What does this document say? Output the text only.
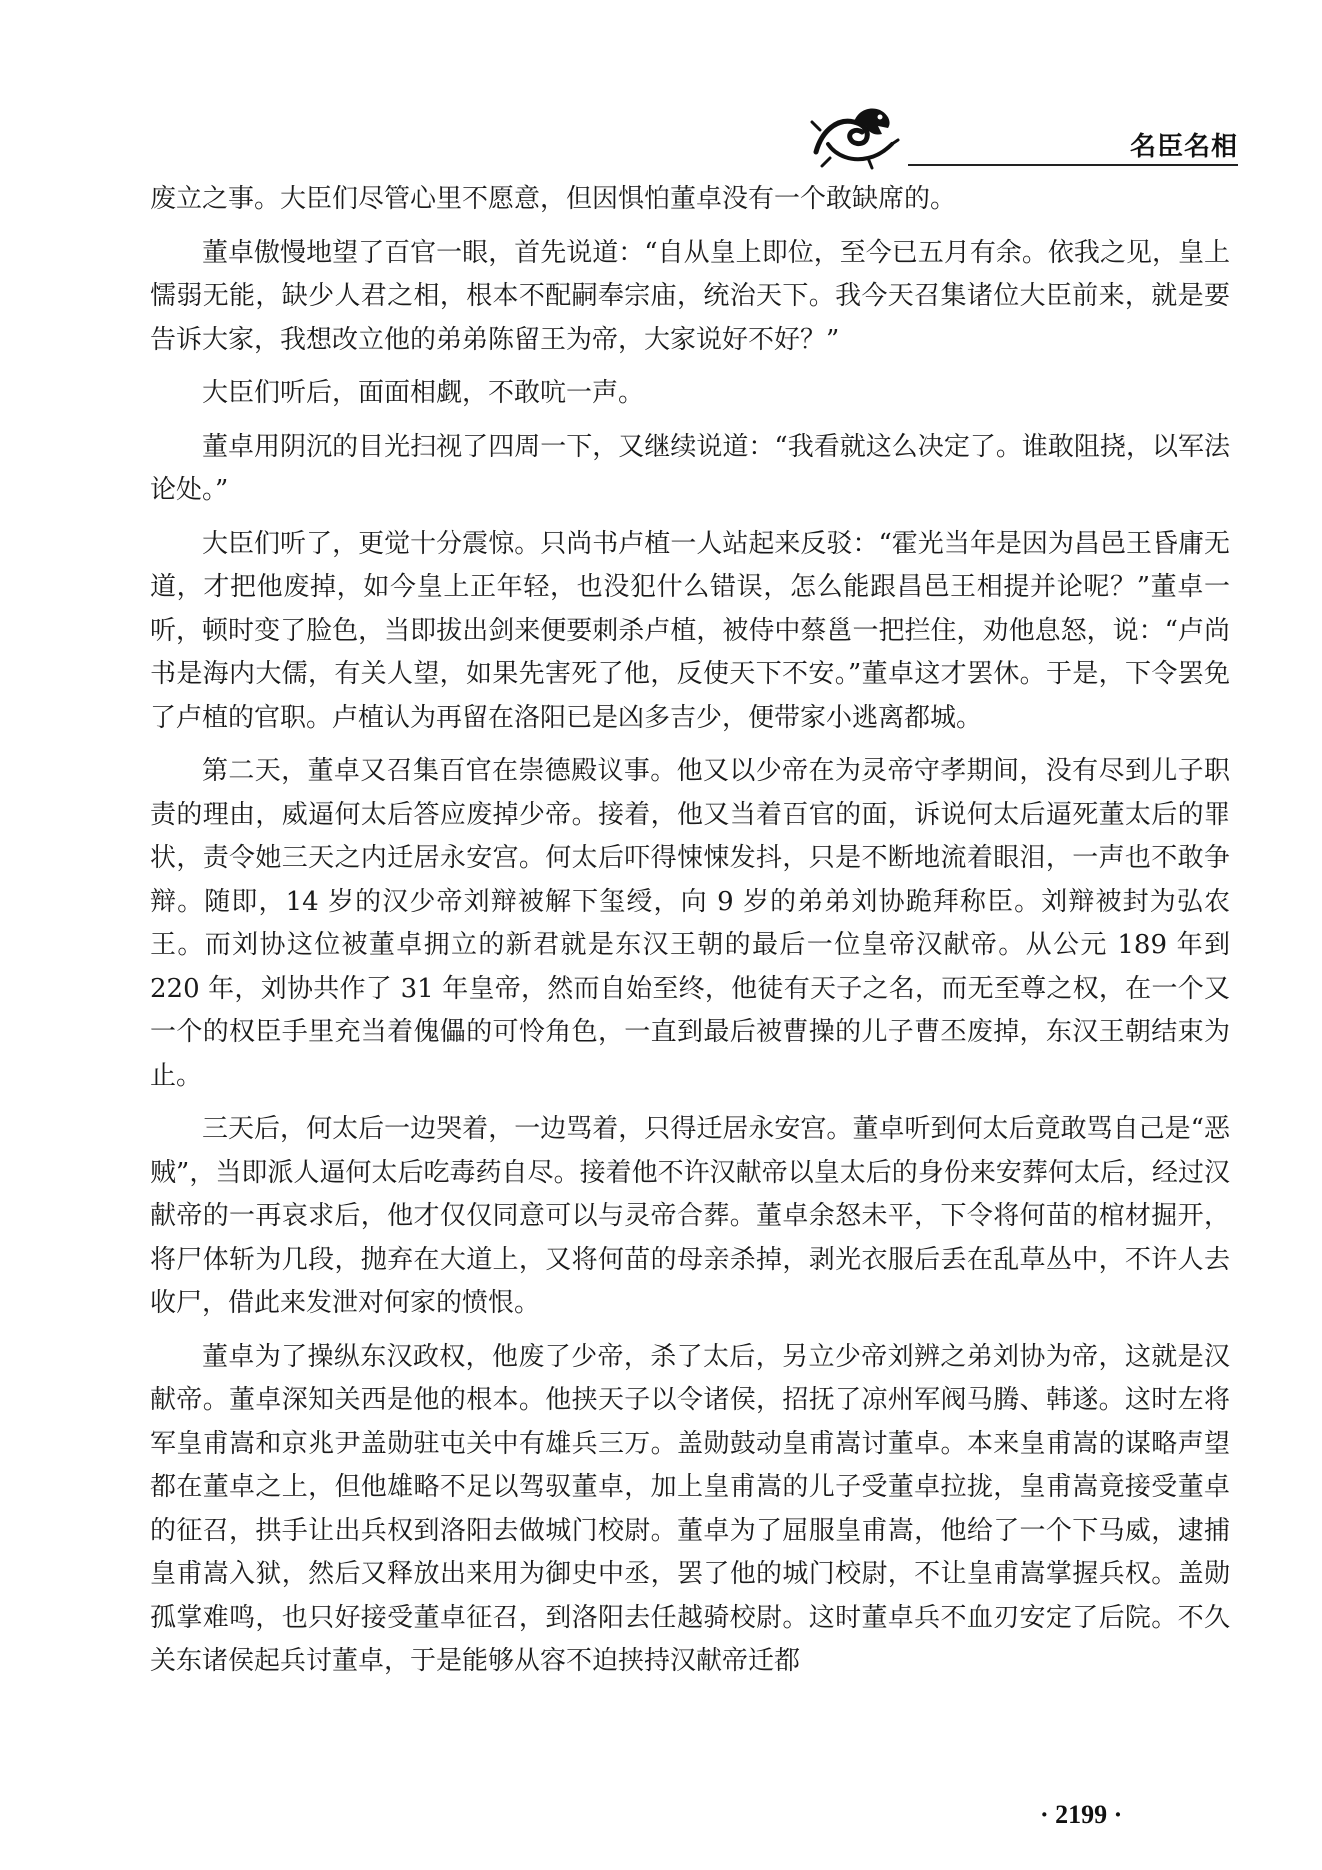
名臣名相

废立之事。大臣们尽管心里不愿意，但因惧怕董卓没有一个敢缺席的。

董卓傲慢地望了百官一眼，首先说道：“自从皇上即位，至今已五月有余。依我之见，皇上懦弱无能，缺少人君之相，根本不配嗣奉宗庙，统治天下。我今天召集诸位大臣前来，就是要告诉大家，我想改立他的弟弟陈留王为帝，大家说好不好？”

大臣们听后，面面相觑，不敢吭一声。

董卓用阴沉的目光扫视了四周一下，又继续说道：“我看就这么决定了。谁敢阻挠，以军法论处。”

大臣们听了，更觉十分震惊。只尚书卢植一人站起来反驳：“霍光当年是因为昌邑王昏庸无道，才把他废掉，如今皇上正年轻，也没犯什么错误，怎么能跟昌邑王相提并论呢？”董卓一听，顿时变了脸色，当即拔出剑来便要刺杀卢植，被侍中蔡邕一把拦住，劝他息怒，说：“卢尚书是海内大儒，有关人望，如果先害死了他，反使天下不安。”董卓这才罢休。于是，下令罢免了卢植的官职。卢植认为再留在洛阳已是凶多吉少，便带家小逃离都城。

第二天，董卓又召集百官在崇德殿议事。他又以少帝在为灵帝守孝期间，没有尽到儿子职责的理由，威逼何太后答应废掉少帝。接着，他又当着百官的面，诉说何太后逼死董太后的罪状，责令她三天之内迁居永安宫。何太后吓得悚悚发抖，只是不断地流着眼泪，一声也不敢争辩。随即，14 岁的汉少帝刘辩被解下玺绶，向 9 岁的弟弟刘协跪拜称臣。刘辩被封为弘农王。而刘协这位被董卓拥立的新君就是东汉王朝的最后一位皇帝汉献帝。从公元 189 年到 220 年，刘协共作了 31 年皇帝，然而自始至终，他徒有天子之名，而无至尊之权，在一个又一个的权臣手里充当着傀儡的可怜角色，一直到最后被曹操的儿子曹丕废掉，东汉王朝结束为止。

三天后，何太后一边哭着，一边骂着，只得迁居永安宫。董卓听到何太后竟敢骂自己是“恶贼”，当即派人逼何太后吃毒药自尽。接着他不许汉献帝以皇太后的身份来安葬何太后，经过汉献帝的一再哀求后，他才仅仅同意可以与灵帝合葬。董卓余怒未平，下令将何苗的棺材掘开，将尸体斩为几段，抛弃在大道上，又将何苗的母亲杀掉，剥光衣服后丢在乱草丛中，不许人去收尸，借此来发泄对何家的愤恨。

董卓为了操纵东汉政权，他废了少帝，杀了太后，另立少帝刘辨之弟刘协为帝，这就是汉献帝。董卓深知关西是他的根本。他挟天子以令诸侯，招抚了凉州军阀马腾、韩遂。这时左将军皇甫嵩和京兆尹盖勋驻屯关中有雄兵三万。盖勋鼓动皇甫嵩讨董卓。本来皇甫嵩的谋略声望都在董卓之上，但他雄略不足以驾驭董卓，加上皇甫嵩的儿子受董卓拉拢，皇甫嵩竟接受董卓的征召，拱手让出兵权到洛阳去做城门校尉。董卓为了屈服皇甫嵩，他给了一个下马威，逮捕皇甫嵩入狱，然后又释放出来用为御史中丞，罢了他的城门校尉，不让皇甫嵩掌握兵权。盖勋孤掌难鸣，也只好接受董卓征召，到洛阳去任越骑校尉。这时董卓兵不血刃安定了后院。不久关东诸侯起兵讨董卓，于是能够从容不迫挟持汉献帝迁都

· 2199 ·
